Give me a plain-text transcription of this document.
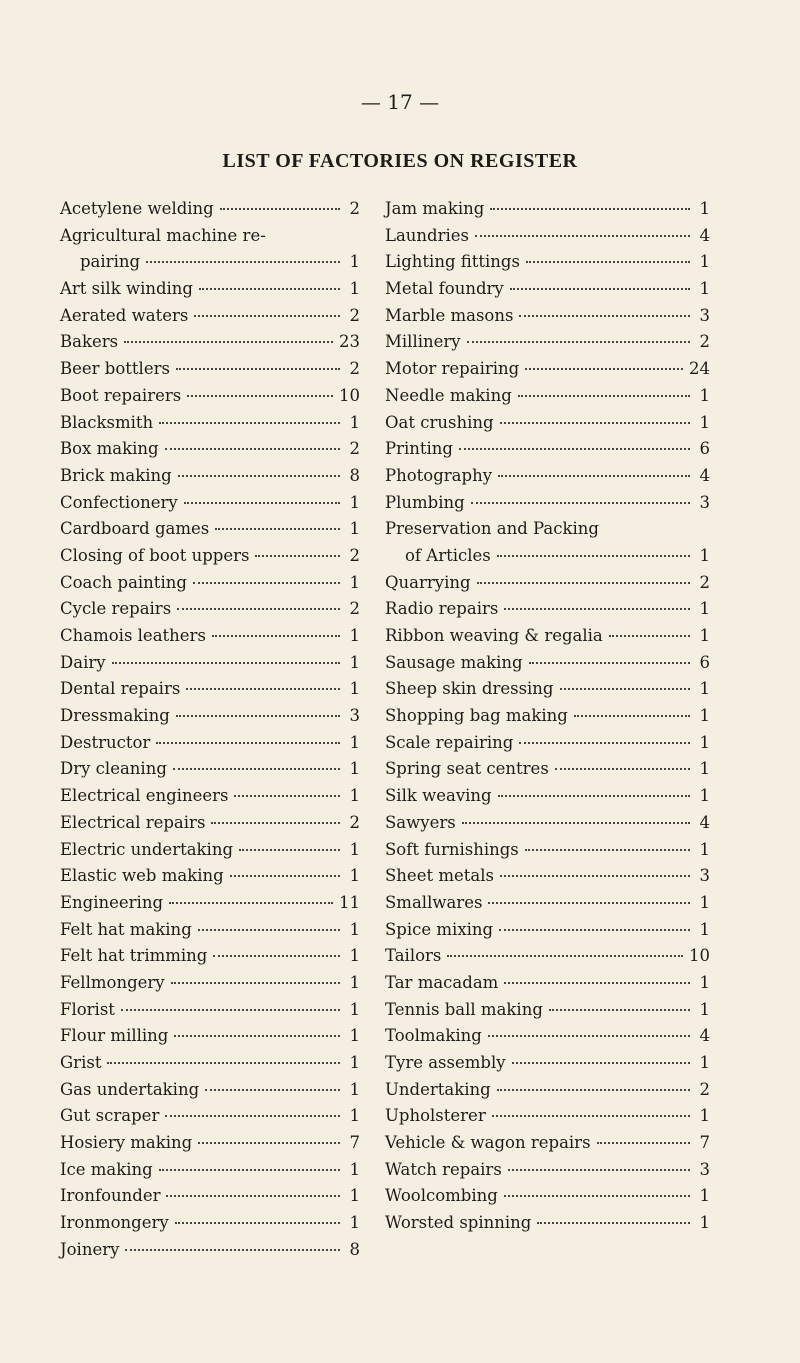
— 17 —
LIST OF FACTORIES ON REGISTER
Acetylene welding	2
Agricultural machine re-
pairing	1
Art silk winding	1
Aerated waters	2
Bakers	23
Beer bottlers	2
Boot repairers	10
Blacksmith	1
Box making	2
Brick making	8
Confectionery	1
Cardboard games	1
Closing of boot uppers	2
Coach painting	1
Cycle repairs	2
Chamois leathers	1
Dairy	1
Dental repairs	1
Dressmaking	3
Destructor	1
Dry cleaning	1
Electrical engineers	1
Electrical repairs	2
Electric undertaking	1
Elastic web making	1
Engineering	11
Felt hat making	1
Felt hat trimming	1
Fellmongery	1
Florist	1
Flour milling	1
Grist	1
Gas undertaking	1
Gut scraper	1
Hosiery making	7
Ice making	1
Ironfounder	1
Ironmongery	1
Joinery	8
Jam making	1
Laundries	4
Lighting fittings	1
Metal foundry	1
Marble masons	3
Millinery	2
Motor repairing	24
Needle making	1
Oat crushing	1
Printing	6
Photography	4
Plumbing	3
Preservation and Packing
of Articles	1
Quarrying	2
Radio repairs	1
Ribbon weaving & regalia	1
Sausage making	6
Sheep skin dressing	1
Shopping bag making	1
Scale repairing	1
Spring seat centres	1
Silk weaving	1
Sawyers	4
Soft furnishings	1
Sheet metals	3
Smallwares	1
Spice mixing	1
Tailors	10
Tar macadam	1
Tennis ball making	1
Toolmaking	4
Tyre assembly	1
Undertaking	2
Upholsterer	1
Vehicle & wagon repairs	7
Watch repairs	3
Woolcombing	1
Worsted spinning	1
